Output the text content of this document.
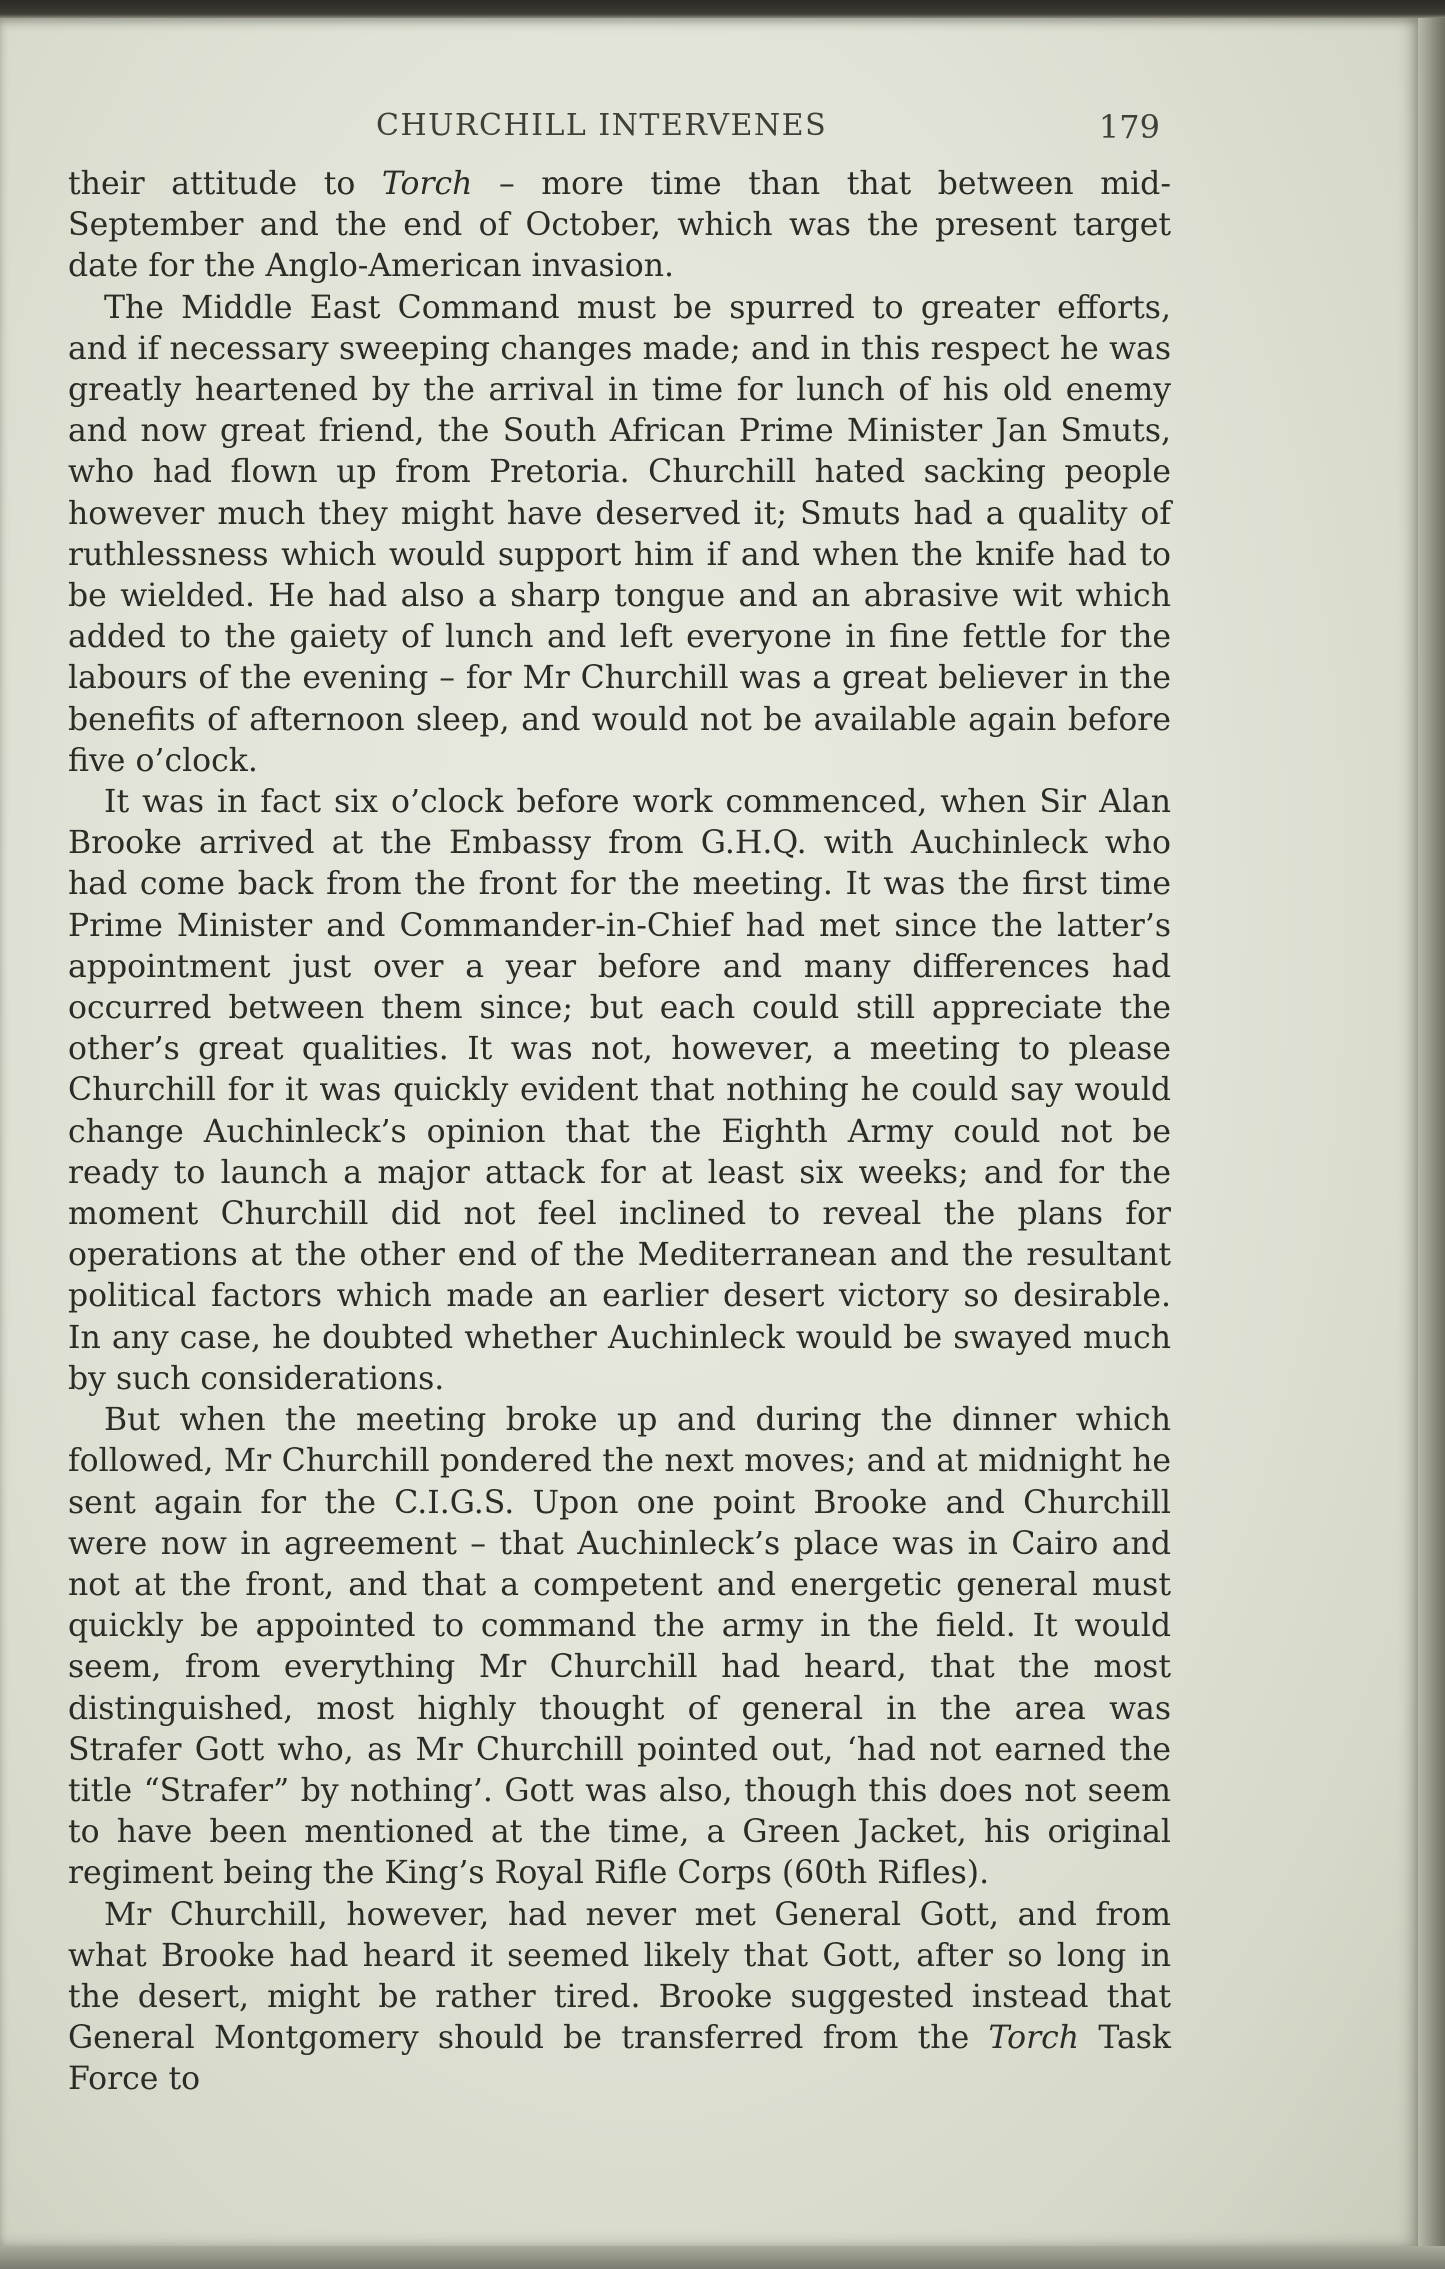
CHURCHILL INTERVENES	179

their attitude to Torch – more time than that between mid-September and the end of October, which was the present target date for the Anglo-American invasion.

The Middle East Command must be spurred to greater efforts, and if necessary sweeping changes made; and in this respect he was greatly heartened by the arrival in time for lunch of his old enemy and now great friend, the South African Prime Minister Jan Smuts, who had flown up from Pretoria. Churchill hated sacking people however much they might have deserved it; Smuts had a quality of ruthlessness which would support him if and when the knife had to be wielded. He had also a sharp tongue and an abrasive wit which added to the gaiety of lunch and left everyone in fine fettle for the labours of the evening – for Mr Churchill was a great believer in the benefits of afternoon sleep, and would not be available again before five o’clock.

It was in fact six o’clock before work commenced, when Sir Alan Brooke arrived at the Embassy from G.H.Q. with Auchinleck who had come back from the front for the meeting. It was the first time Prime Minister and Commander-in-Chief had met since the latter’s appointment just over a year before and many differences had occurred between them since; but each could still appreciate the other’s great qualities. It was not, however, a meeting to please Churchill for it was quickly evident that nothing he could say would change Auchinleck’s opinion that the Eighth Army could not be ready to launch a major attack for at least six weeks; and for the moment Churchill did not feel inclined to reveal the plans for operations at the other end of the Mediterranean and the resultant political factors which made an earlier desert victory so desirable. In any case, he doubted whether Auchinleck would be swayed much by such considerations.

But when the meeting broke up and during the dinner which followed, Mr Churchill pondered the next moves; and at midnight he sent again for the C.I.G.S. Upon one point Brooke and Churchill were now in agreement – that Auchinleck’s place was in Cairo and not at the front, and that a competent and energetic general must quickly be appointed to command the army in the field. It would seem, from everything Mr Churchill had heard, that the most distinguished, most highly thought of general in the area was Strafer Gott who, as Mr Churchill pointed out, ‘had not earned the title “Strafer” by nothing’. Gott was also, though this does not seem to have been mentioned at the time, a Green Jacket, his original regiment being the King’s Royal Rifle Corps (60th Rifles).

Mr Churchill, however, had never met General Gott, and from what Brooke had heard it seemed likely that Gott, after so long in the desert, might be rather tired. Brooke suggested instead that General Montgomery should be transferred from the Torch Task Force to
